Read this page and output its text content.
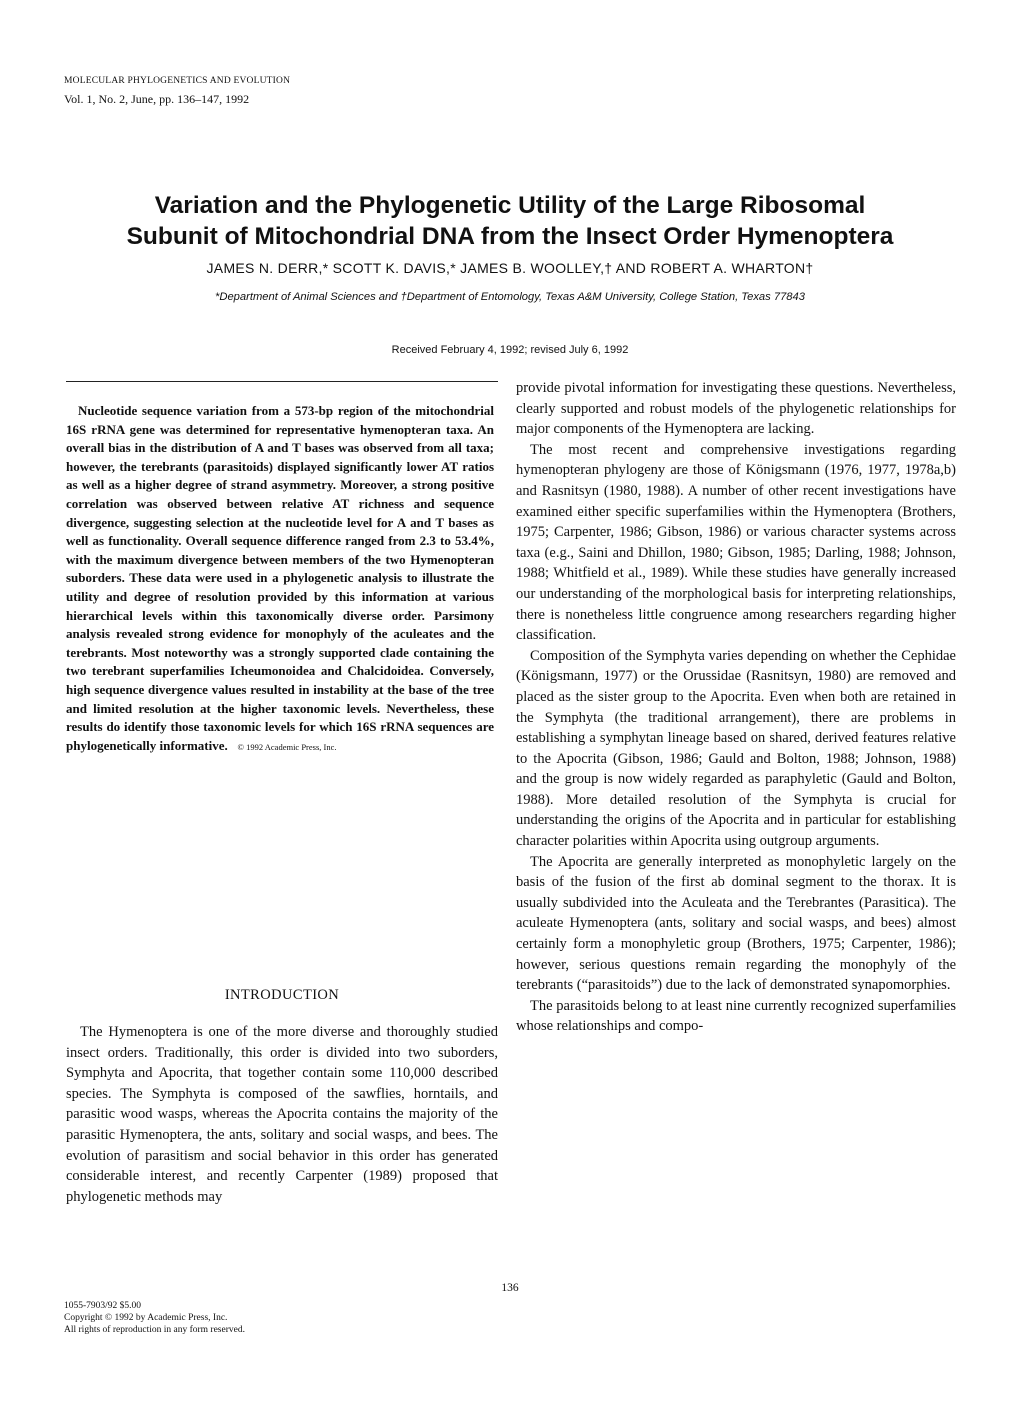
MOLECULAR PHYLOGENETICS AND EVOLUTION
Vol. 1, No. 2, June, pp. 136–147, 1992
Variation and the Phylogenetic Utility of the Large Ribosomal
Subunit of Mitochondrial DNA from the Insect Order Hymenoptera
JAMES N. DERR,* SCOTT K. DAVIS,* JAMES B. WOOLLEY,† AND ROBERT A. WHARTON†
*Department of Animal Sciences and †Department of Entomology, Texas A&M University, College Station, Texas 77843
Received February 4, 1992; revised July 6, 1992
Nucleotide sequence variation from a 573-bp region of the mitochondrial 16S rRNA gene was determined for representative hymenopteran taxa. An overall bias in the distribution of A and T bases was observed from all taxa; however, the terebrants (parasitoids) displayed significantly lower AT ratios as well as a higher degree of strand asymmetry. Moreover, a strong positive correlation was observed between relative AT richness and sequence divergence, suggesting selection at the nucleotide level for A and T bases as well as functionality. Overall sequence difference ranged from 2.3 to 53.4%, with the maximum divergence between members of the two Hymenopteran suborders. These data were used in a phylogenetic analysis to illustrate the utility and degree of resolution provided by this information at various hierarchical levels within this taxonomically diverse order. Parsimony analysis revealed strong evidence for monophyly of the aculeates and the terebrants. Most noteworthy was a strongly supported clade containing the two terebrant superfamilies Icheumonoidea and Chalcidoidea. Conversely, high sequence divergence values resulted in instability at the base of the tree and limited resolution at the higher taxonomic levels. Nevertheless, these results do identify those taxonomic levels for which 16S rRNA sequences are phylogenetically informative. © 1992 Academic Press, Inc.
INTRODUCTION

The Hymenoptera is one of the more diverse and thoroughly studied insect orders. Traditionally, this order is divided into two suborders, Symphyta and Apocrita, that together contain some 110,000 described species. The Symphyta is composed of the sawflies, horntails, and parasitic wood wasps, whereas the Apocrita contains the majority of the parasitic Hymenoptera, the ants, solitary and social wasps, and bees. The evolution of parasitism and social behavior in this order has generated considerable interest, and recently Carpenter (1989) proposed that phylogenetic methods may

provide pivotal information for investigating these questions. Nevertheless, clearly supported and robust models of the phylogenetic relationships for major components of the Hymenoptera are lacking.

The most recent and comprehensive investigations regarding hymenopteran phylogeny are those of Königsmann (1976, 1977, 1978a,b) and Rasnitsyn (1980, 1988). A number of other recent investigations have examined either specific superfamilies within the Hymenoptera (Brothers, 1975; Carpenter, 1986; Gibson, 1986) or various character systems across taxa (e.g., Saini and Dhillon, 1980; Gibson, 1985; Darling, 1988; Johnson, 1988; Whitfield et al., 1989). While these studies have generally increased our understanding of the morphological basis for interpreting relationships, there is nonetheless little congruence among researchers regarding higher classification.

Composition of the Symphyta varies depending on whether the Cephidae (Königsmann, 1977) or the Orussidae (Rasnitsyn, 1980) are removed and placed as the sister group to the Apocrita. Even when both are retained in the Symphyta (the traditional arrangement), there are problems in establishing a symphytan lineage based on shared, derived features relative to the Apocrita (Gibson, 1986; Gauld and Bolton, 1988; Johnson, 1988) and the group is now widely regarded as paraphyletic (Gauld and Bolton, 1988). More detailed resolution of the Symphyta is crucial for understanding the origins of the Apocrita and in particular for establishing character polarities within Apocrita using outgroup arguments.

The Apocrita are generally interpreted as monophyletic largely on the basis of the fusion of the first ab dominal segment to the thorax. It is usually subdivided into the Aculeata and the Terebrantes (Parasitica). The aculeate Hymenoptera (ants, solitary and social wasps, and bees) almost certainly form a monophyletic group (Brothers, 1975; Carpenter, 1986); however, serious questions remain regarding the monophyly of the terebrants (“parasitoids”) due to the lack of demonstrated synapomorphies.

The parasitoids belong to at least nine currently recognized superfamilies whose relationships and compo-

136
1055-7903/92 $5.00
Copyright © 1992 by Academic Press, Inc.
All rights of reproduction in any form reserved.
